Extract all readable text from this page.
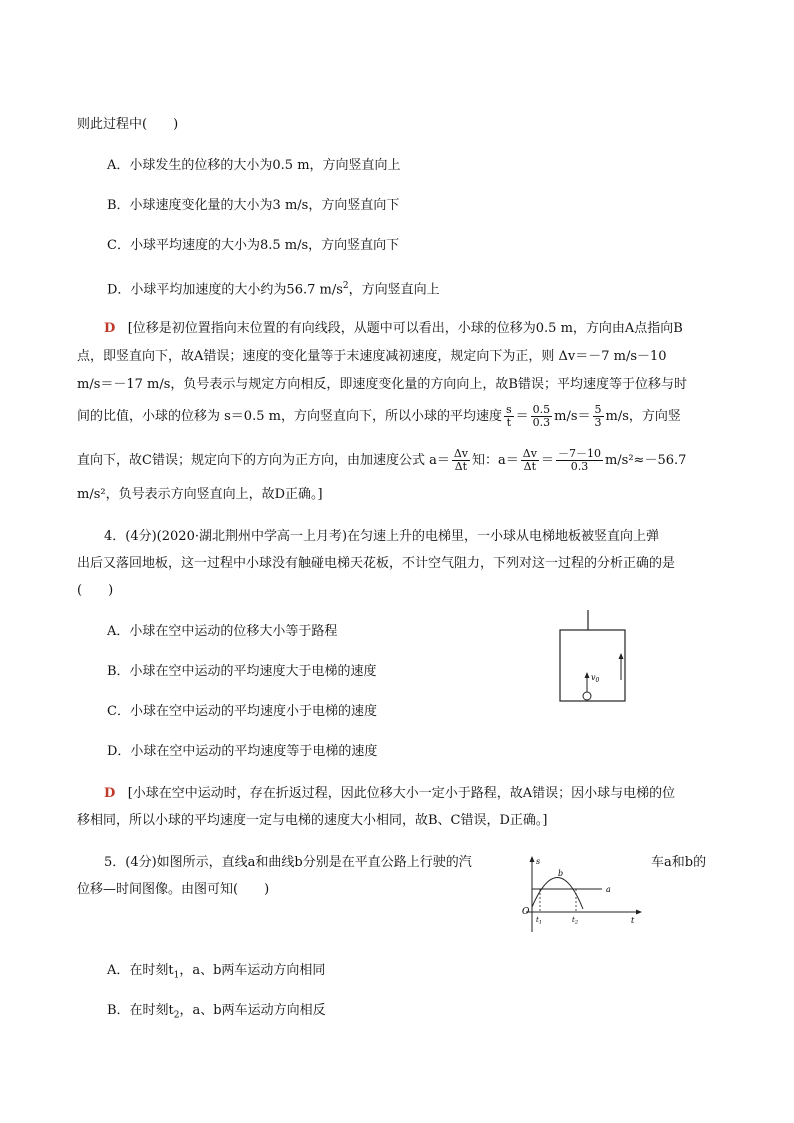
则此过程中(　　)
A．小球发生的位移的大小为0.5 m，方向竖直向上
B．小球速度变化量的大小为3 m/s，方向竖直向下
C．小球平均速度的大小为8.5 m/s，方向竖直向下
D．小球平均加速度的大小约为56.7 $m/s^2$，方向竖直向上
D [位移是初位置指向末位置的有向线段，从题中可以看出，小球的位移为0.5 m，方向由A点指向B
点，即竖直向下，故A错误；速度的变化量等于末速度减初速度，规定向下为正，则 Δv＝－7 m/s－10
m/s＝－17 m/s，负号表示与规定方向相反，即速度变化量的方向向上，故B错误；平均速度等于位移与时
间的比值，小球的位移为 s＝0.5 m，方向竖直向下，所以小球的平均速度 $\frac{s}{t} = \frac{0.5}{0.3} m/s= \frac{5}{3} m/s$，方向竖
直向下，故C错误；规定向下的方向为正方向，由加速度公式 $a= \frac{\Delta v}{\Delta t}$ 知：$a= \frac{\Delta v}{\Delta t} = \frac{-7-10}{0.3} m/s^2\approx-56.7$
m/s²，负号表示方向竖直向上，故D正确。]
4．(4分)(2020·湖北荆州中学高一上月考)在匀速上升的电梯里，一小球从电梯地板被竖直向上弹
出后又落回地板，这一过程中小球没有触碰电梯天花板，不计空气阻力，下列对这一过程的分析正确的是
(　　)
A．小球在空中运动的位移大小等于路程
B．小球在空中运动的平均速度大于电梯的速度
C．小球在空中运动的平均速度小于电梯的速度
D．小球在空中运动的平均速度等于电梯的速度
$v_0$
D [小球在空中运动时，存在折返过程，因此位移大小一定小于路程，故A错误；因小球与电梯的位
移相同，所以小球的平均速度一定与电梯的速度大小相同，故B、C错误，D正确。]
5．(4分)如图所示，直线a和曲线b分别是在平直公路上行驶的汽	车a和b的
位移—时间图像。由图可知(　　)
s
t
O
b
a
$t_1$	$t_2$
A．在时刻$t_1$，a、b两车运动方向相同
B．在时刻$t_2$，a、b两车运动方向相反
